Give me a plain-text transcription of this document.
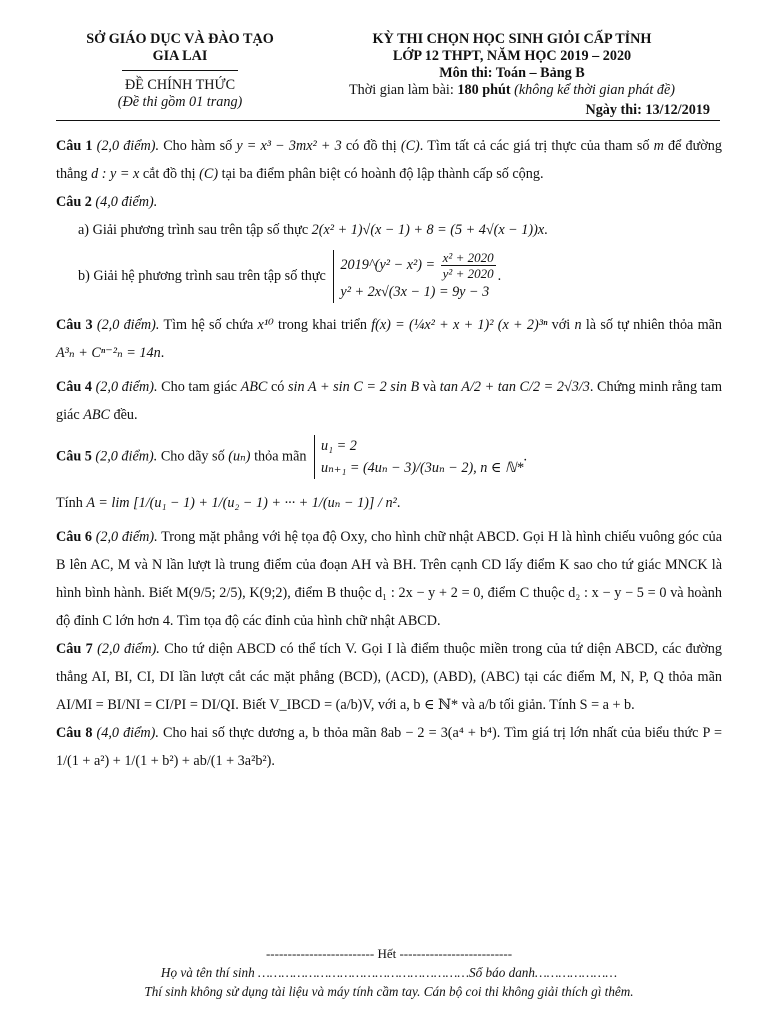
SỞ GIÁO DỤC VÀ ĐÀO TẠO
GIA LAI
ĐỀ CHÍNH THỨC
(Đề thi gồm 01 trang)
KỲ THI CHỌN HỌC SINH GIỎI CẤP TỈNH
LỚP 12 THPT, NĂM HỌC 2019 – 2020
Môn thi: Toán – Bảng B
Thời gian làm bài: 180 phút (không kể thời gian phát đề)
Ngày thi: 13/12/2019

Câu 1 (2,0 điểm). Cho hàm số y = x³ − 3mx² + 3 có đồ thị (C). Tìm tất cả các giá trị thực của tham số m để đường thẳng d : y = x cắt đồ thị (C) tại ba điểm phân biệt có hoành độ lập thành cấp số cộng.

Câu 2 (4,0 điểm).

a) Giải phương trình sau trên tập số thực 2(x² + 1)√(x − 1) + 8 = (5 + 4√(x − 1))x.

b) Giải hệ phương trình sau trên tập số thực 2019^(y² − $x^2) = \frac{\text{x² + 2020}}{\text{y² + 2020}}$

y² + 2x√(3x − 1) = 9y − 3.

Câu 3 (2,0 điểm). Tìm hệ số chứa x¹⁰ trong khai triển f(x) = (¼x² + x + 1)² (x + 2)³ⁿ với n là số tự nhiên thỏa mãn A³ₙ + Cⁿ⁻²ₙ = 14n.

Câu 4 (2,0 điểm). Cho tam giác ABC có sin A + sin C = 2 sin B và tan A/2 + tan C/2 = 2√3/3. Chứng minh rằng tam giác ABC đều.

Câu 5 (2,0 điểm). Cho dãy số (uₙ) thỏa mãn u₁ = 2
uₙ₊₁ = (4uₙ − 3)/(3uₙ − 2), n ∈ ℕ*.

Tính A = lim [1/(u₁ − 1) + 1/(u₂ − 1) + ··· + 1/(uₙ − 1)] / n².

Câu 6 (2,0 điểm). Trong mặt phẳng với hệ tọa độ Oxy, cho hình chữ nhật ABCD. Gọi H là hình chiếu vuông góc của B lên AC, M và N lần lượt là trung điểm của đoạn AH và BH. Trên cạnh CD lấy điểm K sao cho tứ giác MNCK là hình bình hành. Biết M(9/5; 2/5), K(9;2), điểm B thuộc d₁ : 2x − y + 2 = 0, điểm C thuộc d₂ : x − y − 5 = 0 và hoành độ đỉnh C lớn hơn 4. Tìm tọa độ các đỉnh của hình chữ nhật ABCD.

Câu 7 (2,0 điểm). Cho tứ diện ABCD có thể tích V. Gọi I là điểm thuộc miền trong của tứ diện ABCD, các đường thẳng AI, BI, CI, DI lần lượt cắt các mặt phẳng (BCD), (ACD), (ABD), (ABC) tại các điểm M, N, P, Q thỏa mãn AI/MI = BI/NI = CI/PI = DI/QI. Biết V_IBCD = (a/b)V, với a, b ∈ ℕ* và a/b tối giản. Tính S = a + b.

Câu 8 (4,0 điểm). Cho hai số thực dương a, b thỏa mãn 8ab − 2 = 3(a⁴ + b⁴). Tìm giá trị lớn nhất của biểu thức P = 1/(1 + a²) + 1/(1 + b²) + ab/(1 + 3a²b²).

------------------------- Hết --------------------------
Họ và tên thí sinh ………………………………………………Số báo danh…………………
Thí sinh không sử dụng tài liệu và máy tính cầm tay. Cán bộ coi thi không giải thích gì thêm.
